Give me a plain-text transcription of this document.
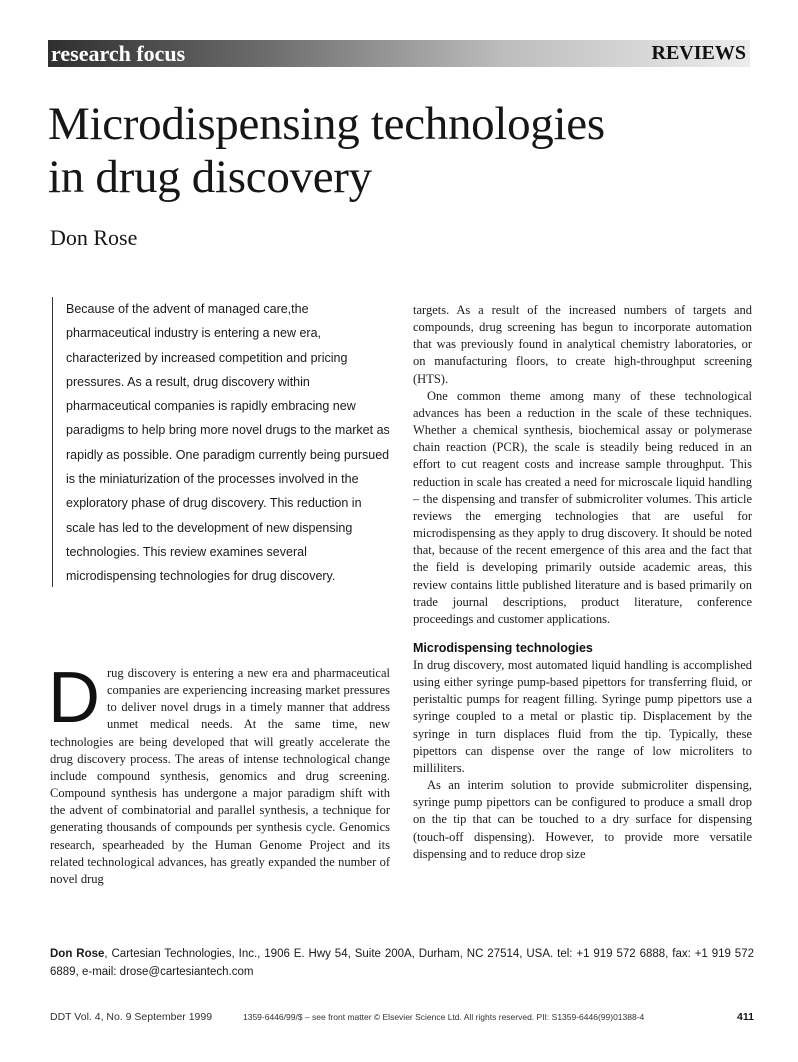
research focus	REVIEWS
Microdispensing technologies
in drug discovery
Don Rose

Because of the advent of managed care,the pharmaceutical industry is entering a new era, characterized by increased competition and pricing pressures. As a result, drug discovery within pharmaceutical companies is rapidly embracing new paradigms to help bring more novel drugs to the market as rapidly as possible. One paradigm currently being pursued is the miniaturization of the processes involved in the exploratory phase of drug discovery. This reduction in scale has led to the development of new dispensing technologies. This review examines several microdispensing technologies for drug discovery.

Drug discovery is entering a new era and pharmaceutical companies are experiencing increasing market pressures to deliver novel drugs in a timely manner that address unmet medical needs. At the same time, new technologies are being developed that will greatly accelerate the drug discovery process. The areas of intense technological change include compound synthesis, genomics and drug screening. Compound synthesis has undergone a major paradigm shift with the advent of combinatorial and parallel synthesis, a technique for generating thousands of compounds per synthesis cycle. Genomics research, spearheaded by the Human Genome Project and its related technological advances, has greatly expanded the number of novel drug

targets. As a result of the increased numbers of targets and compounds, drug screening has begun to incorporate automation that was previously found in analytical chemistry laboratories, or on manufacturing floors, to create high-throughput screening (HTS).

One common theme among many of these technological advances has been a reduction in the scale of these techniques. Whether a chemical synthesis, biochemical assay or polymerase chain reaction (PCR), the scale is steadily being reduced in an effort to cut reagent costs and increase sample throughput. This reduction in scale has created a need for microscale liquid handling – the dispensing and transfer of submicroliter volumes. This article reviews the emerging technologies that are useful for microdispensing as they apply to drug discovery. It should be noted that, because of the recent emergence of this area and the fact that the field is developing primarily outside academic areas, this review contains little published literature and is based primarily on trade journal descriptions, product literature, conference proceedings and customer applications.

Microdispensing technologies

In drug discovery, most automated liquid handling is accomplished using either syringe pump-based pipettors for transferring fluid, or peristaltic pumps for reagent filling. Syringe pump pipettors use a syringe coupled to a metal or plastic tip. Displacement by the syringe in turn displaces fluid from the tip. Typically, these pipettors can dispense over the range of low microliters to milliliters.

As an interim solution to provide submicroliter dispensing, syringe pump pipettors can be configured to produce a small drop on the tip that can be touched to a dry surface for dispensing (touch-off dispensing). However, to provide more versatile dispensing and to reduce drop size

Don Rose, Cartesian Technologies, Inc., 1906 E. Hwy 54, Suite 200A, Durham, NC 27514, USA. tel: +1 919 572 6888, fax: +1 919 572 6889, e-mail: drose@cartesiantech.com

DDT Vol. 4, No. 9 September 1999	1359-6446/99/$ – see front matter © Elsevier Science Ltd. All rights reserved. PII: S1359-6446(99)01388-4	411
